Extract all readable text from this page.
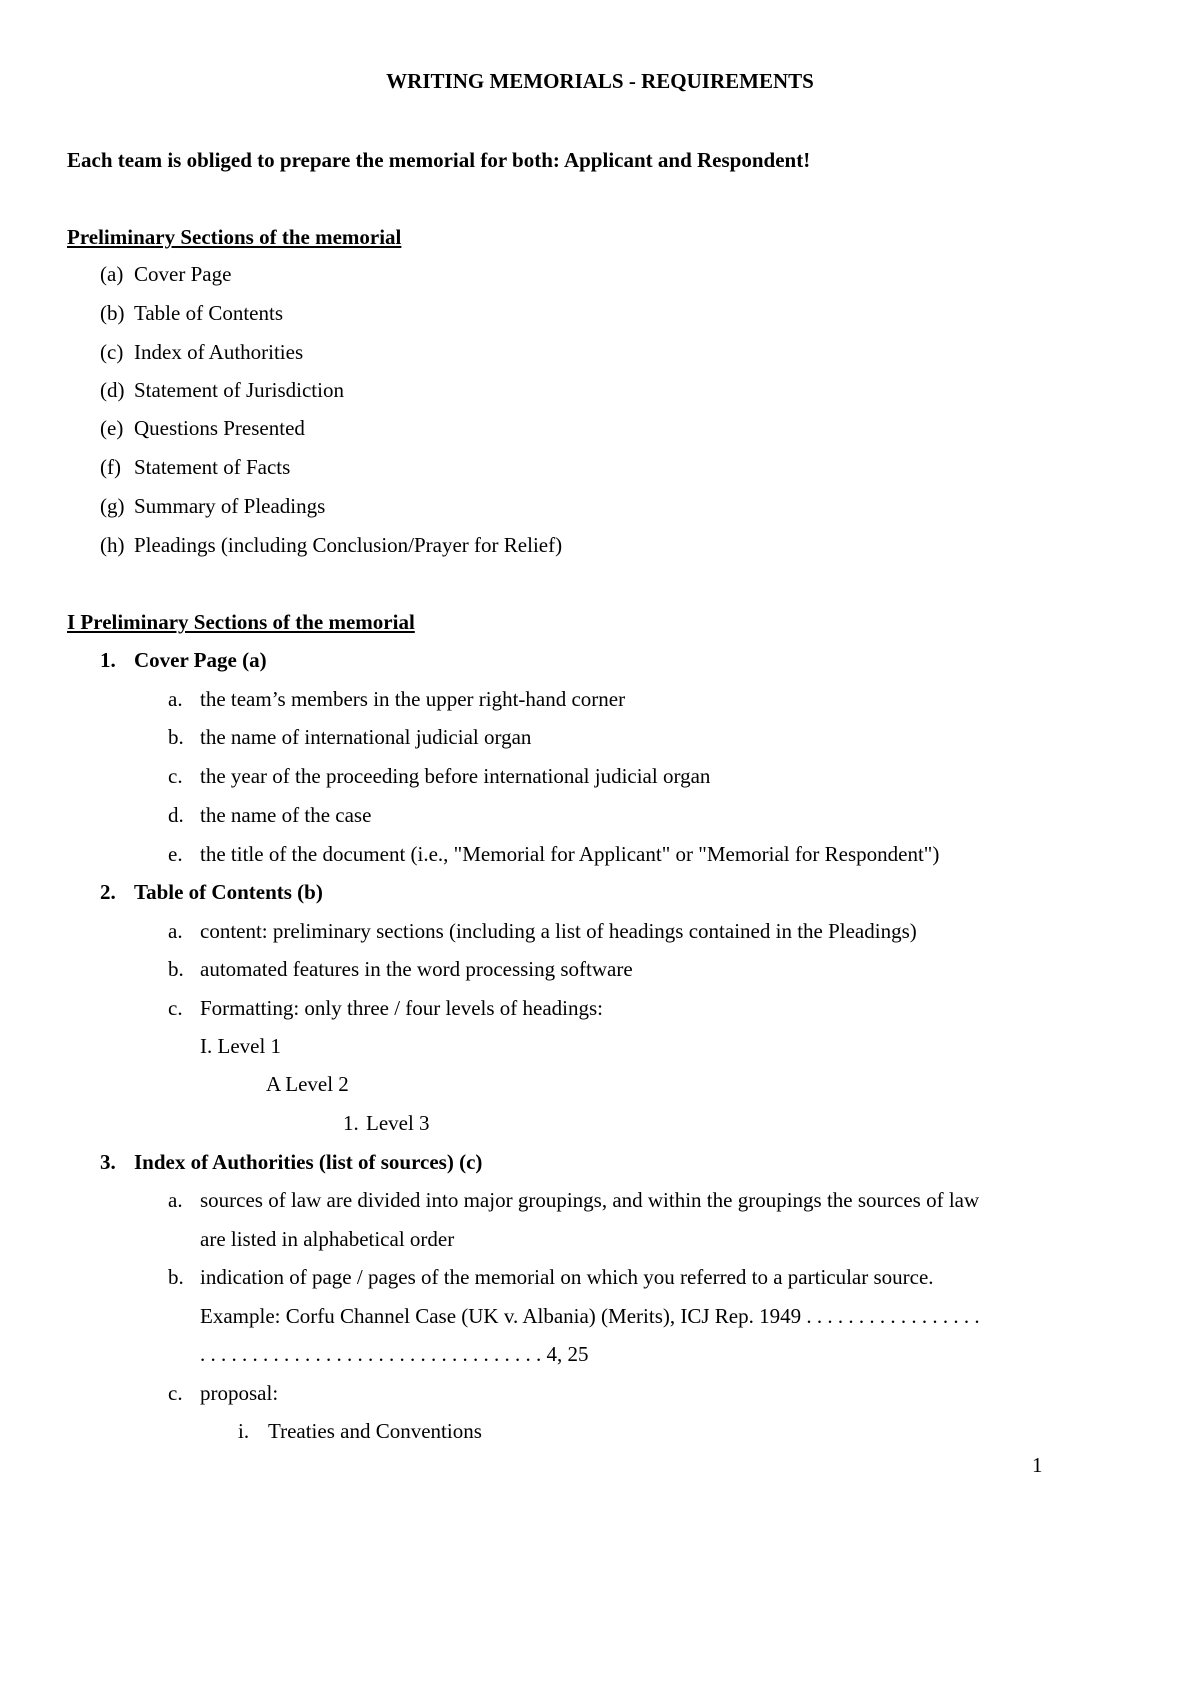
WRITING MEMORIALS - REQUIREMENTS
Each team is obliged to prepare the memorial for both: Applicant and Respondent!
Preliminary Sections of the memorial
(a) Cover Page
(b) Table of Contents
(c) Index of Authorities
(d) Statement of Jurisdiction
(e) Questions Presented
(f) Statement of Facts
(g) Summary of Pleadings
(h) Pleadings (including Conclusion/Prayer for Relief)
I Preliminary Sections of the memorial
1. Cover Page (a)
a. the team’s members in the upper right-hand corner
b. the name of international judicial organ
c. the year of the proceeding before international judicial organ
d. the name of the case
e. the title of the document (i.e., "Memorial for Applicant" or "Memorial for Respondent")
2. Table of Contents (b)
a. content: preliminary sections (including a list of headings contained in the Pleadings)
b. automated features in the word processing software
c. Formatting: only three / four levels of headings:
I. Level 1
A Level 2
1. Level 3
3. Index of Authorities (list of sources) (c)
a. sources of law are divided into major groupings, and within the groupings the sources of law
are listed in alphabetical order
b. indication of page / pages of the memorial on which you referred to a particular source.
Example: Corfu Channel Case (UK v. Albania) (Merits), ICJ Rep. 1949 . . . . . . . . . . . . . . . . .
. . . . . . . . . . . . . . . . . . . . . . . . . . . . . . . . . 4, 25
c. proposal:
i. Treaties and Conventions
1
